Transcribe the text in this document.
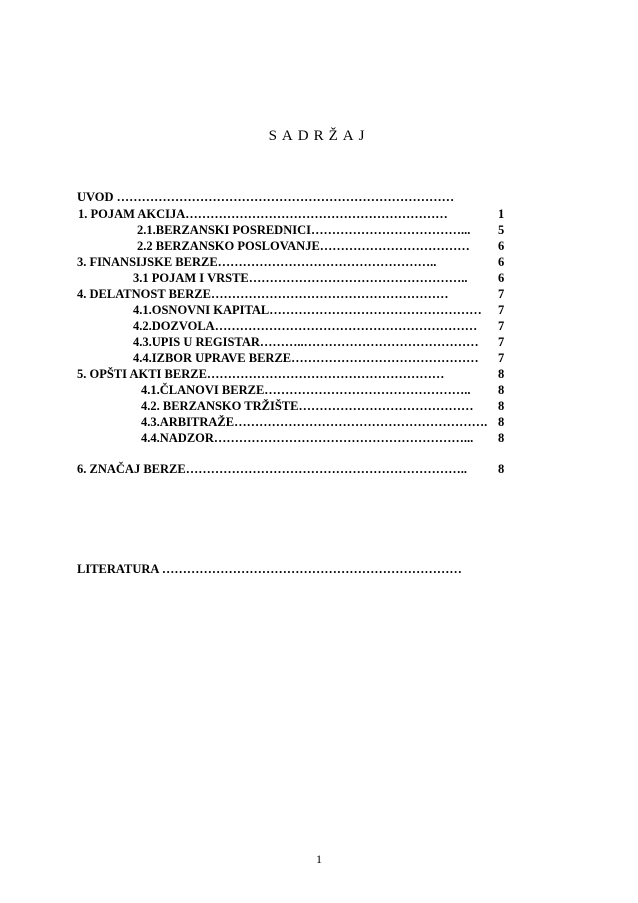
SADRŽAJ
UVOD ………………………………………………………………………
1. POJAM AKCIJA………………………………………………………	1
2.1.BERZANSKI POSREDNICI………………………………... 5
2.2 BERZANSKO POSLOVANJE……………………………… 6
3. FINANSIJSKE BERZE……………………………………………..	6
3.1 POJAM I VRSTE…………………………………………….. 6
4. DELATNOST BERZE…………………………………………………	7
4.1.OSNOVNI KAPITAL…………………………………………… 7
4.2.DOZVOLA……………………………………………………… 7
4.3.UPIS U REGISTAR………..…………………………………… 7
4.4.IZBOR UPRAVE BERZE……………………………………… 7
5. OPŠTI AKTI BERZE…………………………………………………	8
4.1.ČLANOVI BERZE………………………………………….. 8
4.2. BERZANSKO TRŽIŠTE…………………………………… 8
4.3.ARBITRAŽE……………………………………………………. 8
4.4.NADZOR……………………………………………………... 8
6. ZNAČAJ BERZE………………………………………………………….. 8
LITERATURA ………………………………………………………………
1
